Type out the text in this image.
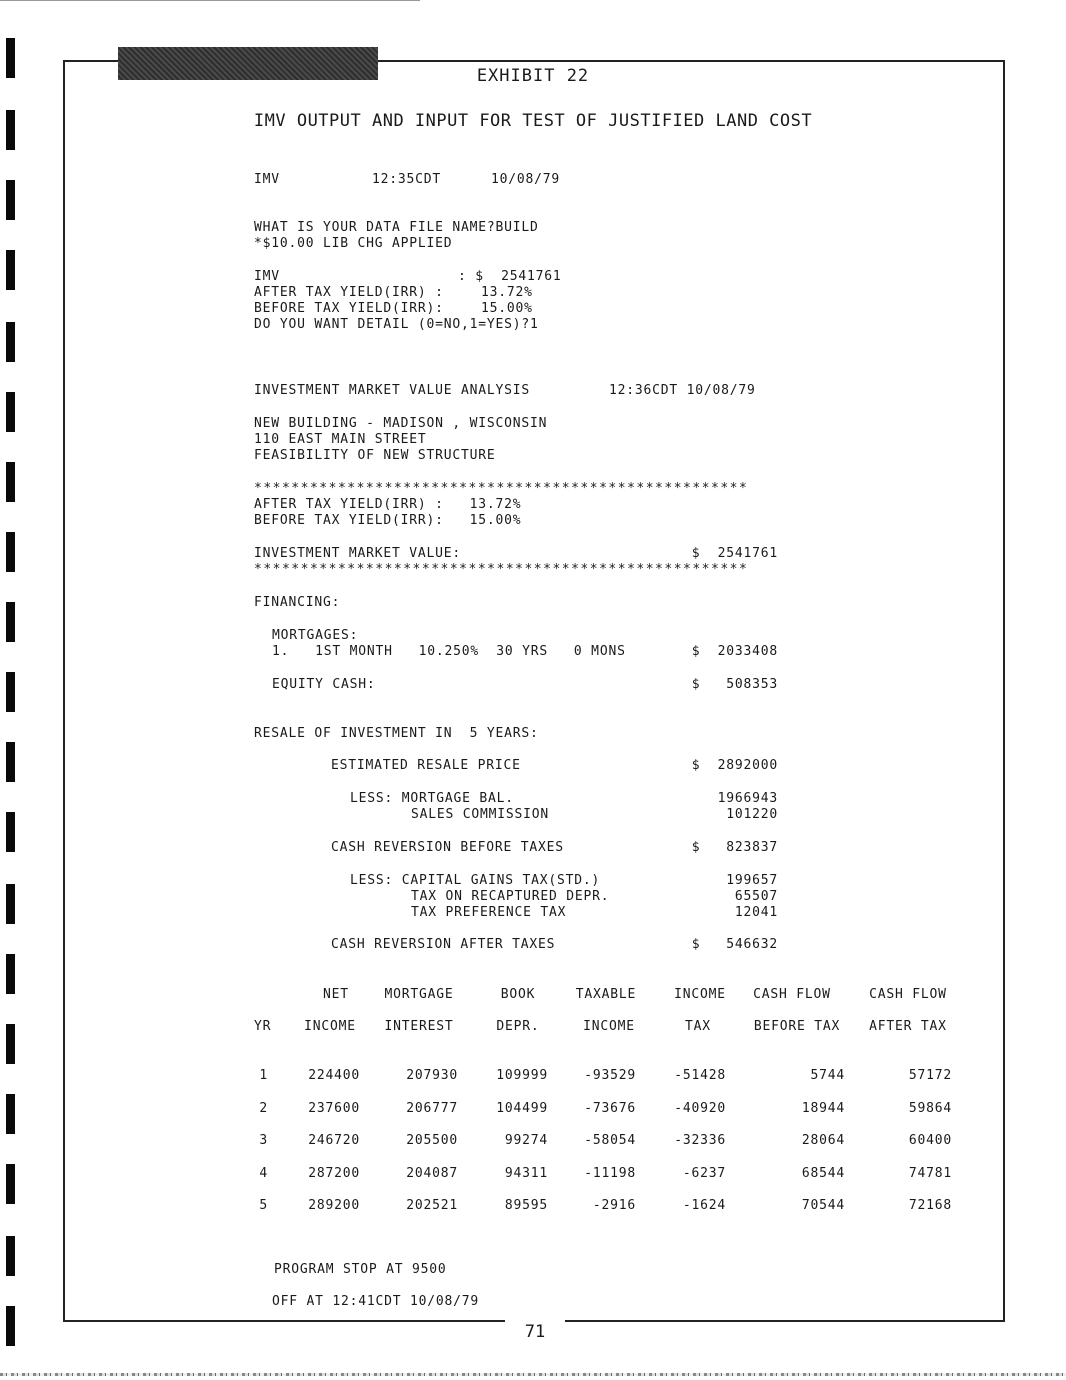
EXHIBIT 22
IMV OUTPUT AND INPUT FOR TEST OF JUSTIFIED LAND COST
IMV	12:35CDT	10/08/79
WHAT IS YOUR DATA FILE NAME?BUILD
*$10.00 LIB CHG APPLIED
IMV	: $  2541761
AFTER TAX YIELD(IRR) :	13.72%
BEFORE TAX YIELD(IRR):	15.00%
DO YOU WANT DETAIL (0=NO,1=YES)?1
INVESTMENT MARKET VALUE ANALYSIS	12:36CDT 10/08/79
NEW BUILDING - MADISON , WISCONSIN
110 EAST MAIN STREET
FEASIBILITY OF NEW STRUCTURE
*****************************************************
AFTER TAX YIELD(IRR) :   13.72%
BEFORE TAX YIELD(IRR):   15.00%
INVESTMENT MARKET VALUE:	$  2541761
*****************************************************
FINANCING:
MORTGAGES:
1.   1ST MONTH   10.250%  30 YRS   0 MONS	$  2033408
EQUITY CASH:	$   508353
RESALE OF INVESTMENT IN  5 YEARS:
ESTIMATED RESALE PRICE	$  2892000
LESS: MORTGAGE BAL.	1966943
SALES COMMISSION	101220
CASH REVERSION BEFORE TAXES	$   823837
LESS: CAPITAL GAINS TAX(STD.)	199657
TAX ON RECAPTURED DEPR.	65507
TAX PREFERENCE TAX	12041
CASH REVERSION AFTER TAXES	$   546632
NET	MORTGAGE	BOOK	TAXABLE	INCOME	CASH FLOW	CASH FLOW
YR	INCOME	INTEREST	DEPR.	INCOME	TAX	BEFORE TAX	AFTER TAX
1	224400	207930	109999	-93529	-51428	5744	57172
2	237600	206777	104499	-73676	-40920	18944	59864
3	246720	205500	99274	-58054	-32336	28064	60400
4	287200	204087	94311	-11198	-6237	68544	74781
5	289200	202521	89595	-2916	-1624	70544	72168
PROGRAM STOP AT 9500
OFF AT 12:41CDT 10/08/79
71
